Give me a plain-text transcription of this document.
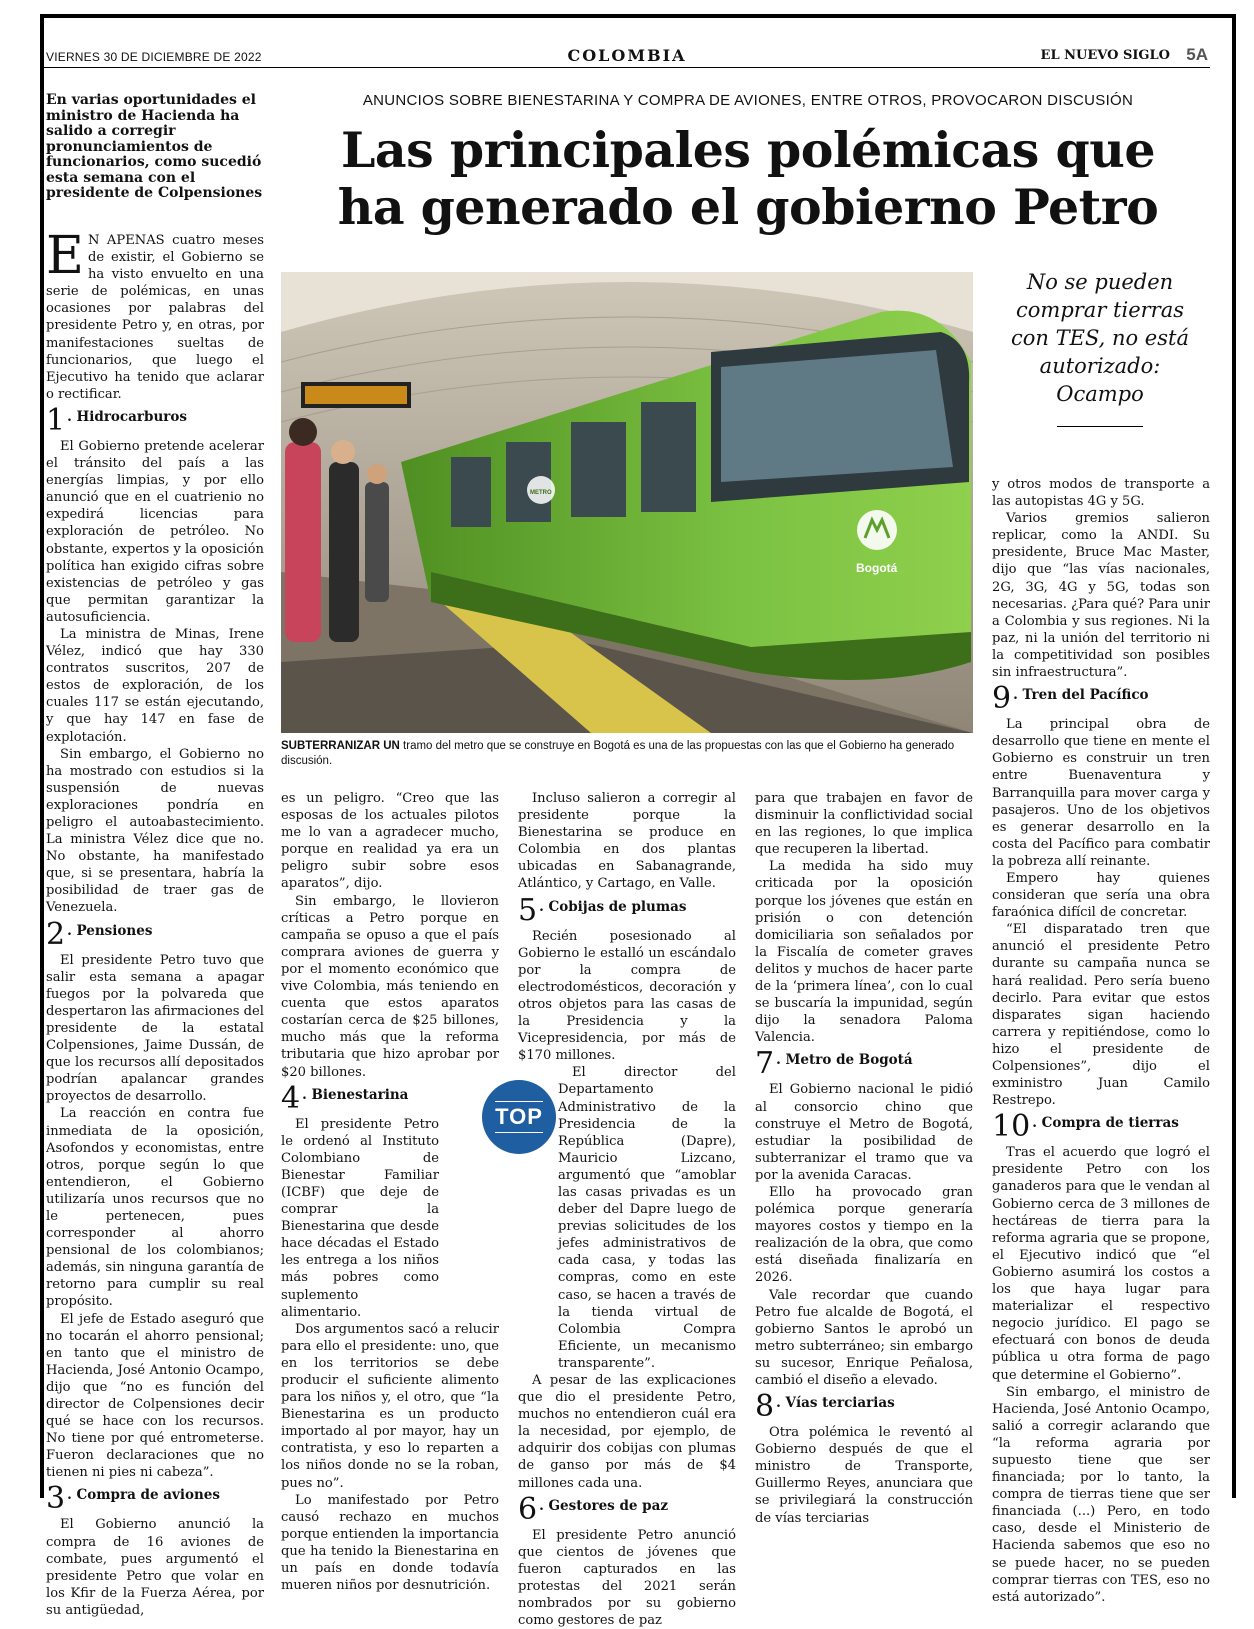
VIERNES 30 DE DICIEMBRE DE 2022	COLOMBIA	EL NUEVO SIGLO 5A
En varias oportunidades el ministro de Hacienda ha salido a corregir pronunciamientos de funcionarios, como sucedió esta semana con el presidente de Colpensiones
ANUNCIOS SOBRE BIENESTARINA Y COMPRA DE AVIONES, ENTRE OTROS, PROVOCARON DISCUSIÓN
Las principales polémicas que
ha generado el gobierno Petro
Bogotá
METRO
SUBTERRANIZAR UN tramo del metro que se construye en Bogotá es una de las propuestas con las que el Gobierno ha generado discusión.
No se pueden comprar tierras con TES, no está autorizado: Ocampo

E N APENAS cuatro meses de existir, el Gobierno se ha visto envuelto en una serie de polémicas, en unas ocasiones por palabras del presidente Petro y, en otras, por manifestaciones sueltas de funcionarios, que luego el Ejecutivo ha tenido que aclarar o rectificar.

1 . Hidrocarburos

El Gobierno pretende acelerar el tránsito del país a las energías limpias, y por ello anunció que en el cuatrienio no expedirá licencias para exploración de petróleo. No obstante, expertos y la oposición política han exigido cifras sobre existencias de petróleo y gas que permitan garantizar la autosuficiencia.

La ministra de Minas, Irene Vélez, indicó que hay 330 contratos suscritos, 207 de estos de exploración, de los cuales 117 se están ejecutando, y que hay 147 en fase de explotación.

Sin embargo, el Gobierno no ha mostrado con estudios si la suspensión de nuevas exploraciones pondría en peligro el autoabastecimiento. La ministra Vélez dice que no. No obstante, ha manifestado que, si se presentara, habría la posibilidad de traer gas de Venezuela.

2 . Pensiones

El presidente Petro tuvo que salir esta semana a apagar fuegos por la polvareda que despertaron las afirmaciones del presidente de la estatal Colpensiones, Jaime Dussán, de que los recursos allí depositados podrían apalancar grandes proyectos de desarrollo.

La reacción en contra fue inmediata de la oposición, Asofondos y economistas, entre otros, porque según lo que entendieron, el Gobierno utilizaría unos recursos que no le pertenecen, pues corresponder al ahorro pensional de los colombianos; además, sin ninguna garantía de retorno para cumplir su real propósito.

El jefe de Estado aseguró que no tocarán el ahorro pensional; en tanto que el ministro de Hacienda, José Antonio Ocampo, dijo que “no es función del director de Colpensiones decir qué se hace con los recursos. No tiene por qué entrometerse. Fueron declaraciones que no tienen ni pies ni cabeza”.

3 . Compra de aviones

El Gobierno anunció la compra de 16 aviones de combate, pues argumentó el presidente Petro que volar en los Kfir de la Fuerza Aérea, por su antigüedad,

es un peligro. “Creo que las esposas de los actuales pilotos me lo van a agradecer mucho, porque en realidad ya era un peligro subir sobre esos aparatos”, dijo.

Sin embargo, le llovieron críticas a Petro porque en campaña se opuso a que el país comprara aviones de guerra y por el momento económico que vive Colombia, más teniendo en cuenta que estos aparatos costarían cerca de $25 billones, mucho más que la reforma tributaria que hizo aprobar por $20 billones.

4 . Bienestarina

El presidente Petro le ordenó al Instituto Colombiano de Bienestar Familiar (ICBF) que deje de comprar la Bienestarina que desde hace décadas el Estado les entrega a los niños más pobres como suplemento alimentario.

Dos argumentos sacó a relucir para ello el presidente: uno, que en los territorios se debe producir el suficiente alimento para los niños y, el otro, que “la Bienestarina es un producto importado al por mayor, hay un contratista, y eso lo reparten a los niños donde no se la roban, pues no”.

Lo manifestado por Petro causó rechazo en muchos porque entienden la importancia que ha tenido la Bienestarina en un país en donde todavía mueren niños por desnutrición.

Incluso salieron a corregir al presidente porque la Bienestarina se produce en Colombia en dos plantas ubicadas en Sabanagrande, Atlántico, y Cartago, en Valle.

5 . Cobijas de plumas

Recién posesionado al Gobierno le estalló un escándalo por la compra de electrodomésticos, decoración y otros objetos para las casas de la Presidencia y la Vicepresidencia, por más de $170 millones.

El director del Departamento Administrativo de la Presidencia de la República (Dapre), Mauricio Lizcano, argumentó que “amoblar las casas privadas es un deber del Dapre luego de previas solicitudes de los jefes administrativos de cada casa, y todas las compras, como en este caso, se hacen a través de la tienda virtual de Colombia Compra Eficiente, un mecanismo transparente”.

A pesar de las explicaciones que dio el presidente Petro, muchos no entendieron cuál era la necesidad, por ejemplo, de adquirir dos cobijas con plumas de ganso por más de $4 millones cada una.

6 . Gestores de paz

El presidente Petro anunció que cientos de jóvenes que fueron capturados en las protestas del 2021 serán nombrados por su gobierno como gestores de paz

para que trabajen en favor de disminuir la conflictividad social en las regiones, lo que implica que recuperen la libertad.

La medida ha sido muy criticada por la oposición porque los jóvenes que están en prisión o con detención domiciliaria son señalados por la Fiscalía de cometer graves delitos y muchos de hacer parte de la ‘primera línea’, con lo cual se buscaría la impunidad, según dijo la senadora Paloma Valencia.

7 . Metro de Bogotá

El Gobierno nacional le pidió al consorcio chino que construye el Metro de Bogotá, estudiar la posibilidad de subterranizar el tramo que va por la avenida Caracas.

Ello ha provocado gran polémica porque generaría mayores costos y tiempo en la realización de la obra, que como está diseñada finalizaría en 2026.

Vale recordar que cuando Petro fue alcalde de Bogotá, el gobierno Santos le aprobó un metro subterráneo; sin embargo su sucesor, Enrique Peñalosa, cambió el diseño a elevado.

8 . Vías terciarias

Otra polémica le reventó al Gobierno después de que el ministro de Transporte, Guillermo Reyes, anunciara que se privilegiará la construcción de vías terciarias

y otros modos de transporte a las autopistas 4G y 5G.

Varios gremios salieron replicar, como la ANDI. Su presidente, Bruce Mac Master, dijo que “las vías nacionales, 2G, 3G, 4G y 5G, todas son necesarias. ¿Para qué? Para unir a Colombia y sus regiones. Ni la paz, ni la unión del territorio ni la competitividad son posibles sin infraestructura”.

9 . Tren del Pacífico

La principal obra de desarrollo que tiene en mente el Gobierno es construir un tren entre Buenaventura y Barranquilla para mover carga y pasajeros. Uno de los objetivos es generar desarrollo en la costa del Pacífico para combatir la pobreza allí reinante.

Empero hay quienes consideran que sería una obra faraónica difícil de concretar.

“El disparatado tren que anunció el presidente Petro durante su campaña nunca se hará realidad. Pero sería bueno decirlo. Para evitar que estos disparates sigan haciendo carrera y repitiéndose, como lo hizo el presidente de Colpensiones”, dijo el exministro Juan Camilo Restrepo.

10 . Compra de tierras

Tras el acuerdo que logró el presidente Petro con los ganaderos para que le vendan al Gobierno cerca de 3 millones de hectáreas de tierra para la reforma agraria que se propone, el Ejecutivo indicó que “el Gobierno asumirá los costos a los que haya lugar para materializar el respectivo negocio jurídico. El pago se efectuará con bonos de deuda pública u otra forma de pago que determine el Gobierno”.

Sin embargo, el ministro de Hacienda, José Antonio Ocampo, salió a corregir aclarando que “la reforma agraria por supuesto tiene que ser financiada; por lo tanto, la compra de tierras tiene que ser financiada (...) Pero, en todo caso, desde el Ministerio de Hacienda sabemos que eso no se puede hacer, no se pueden comprar tierras con TES, eso no está autorizado”.

TOP
